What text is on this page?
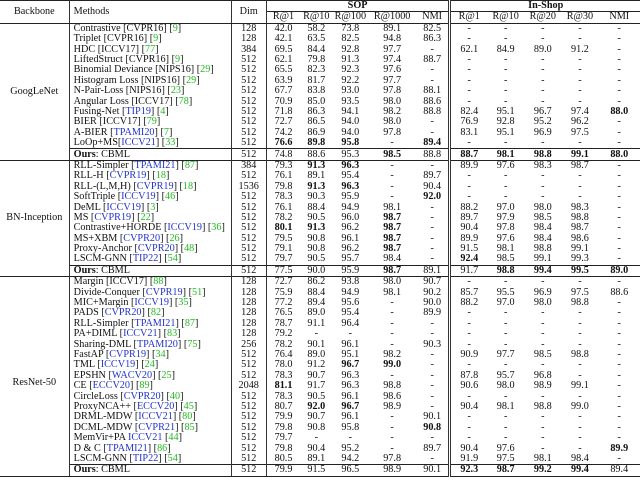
Backbone	Methods	Dim	SOP					In-Shop				
			R@1	R@10	R@100	R@1000	NMI	R@1	R@10	R@20	R@30	NMI
GoogLeNet	Contrastive [CVPR16] [9]	128	42.0	58.2	73.8	89.1	82.5	-	-	-	-	-
	Triplet [CVPR16] [9]	128	42.1	63.5	82.5	94.8	86.3	-	-	-	-	-
	HDC [ICCV17] [77]	384	69.5	84.4	92.8	97.7	-	62.1	84.9	89.0	91.2	-
	LiftedStruct [CVPR16] [9]	512	62.1	79.8	91.3	97.4	88.7	-	-	-	-	-
	Binomial Deviance [NIPS16] [29]	512	65.5	82.3	92.3	97.6	-	-	-	-	-	-
	Histogram Loss [NIPS16] [29]	512	63.9	81.7	92.2	97.7	-	-	-	-	-	-
	N-Pair-Loss [NIPS16] [23]	512	67.7	83.8	93.0	97.8	88.1	-	-	-	-	-
	Angular Loss [ICCV17] [78]	512	70.9	85.0	93.5	98.0	88.6	-	-	-	-	-
	Fusing-Net [TIP19] [4]	512	71.8	86.3	94.1	98.2	88.8	82.4	95.1	96.7	97.4	88.0
	BIER [ICCV17] [79]	512	72.7	86.5	94.0	98.0	-	76.9	92.8	95.2	96.2	-
	A-BIER [TPAMI20] [7]	512	74.2	86.9	94.0	97.8	-	83.1	95.1	96.9	97.5	-
	LoOp+MS[ICCV21] [33]	512	76.6	89.8	95.8	-	89.4	-	-	-	-	-
	Ours: CBML	512	74.8	88.6	95.3	98.5	88.8	88.7	98.1	98.8	99.1	88.0
BN-Inception	RLL-Simpler [TPAMI21] [87]	384	79.3	91.3	96.3	-	-	89.9	97.6	98.3	98.7	-
	RLL-H [CVPR19] [18]	512	76.1	89.1	95.4	-	89.7	-	-	-	-	-
	RLL-(L,M,H) [CVPR19] [18]	1536	79.8	91.3	96.3	-	90.4	-	-	-	-	-
	SoftTriple [ICCV19] [46]	512	78.3	90.3	95.9	-	92.0	-	-	-	-	-
	DeML [ICCV19] [3]	512	76.1	88.4	94.9	98.1	-	88.2	97.0	98.0	98.3	-
	MS [CVPR19] [22]	512	78.2	90.5	96.0	98.7	-	89.7	97.9	98.5	98.8	-
	Contrastive+HORDE [ICCV19] [36]	512	80.1	91.3	96.2	98.7	-	90.4	97.8	98.4	98.7	-
	MS+XBM [CVPR20] [26]	512	79.5	90.8	96.1	98.7	-	89.9	97.6	98.4	98.6	-
	Proxy-Anchor [CVPR20] [48]	512	79.1	90.8	96.2	98.7	-	91.5	98.1	98.8	99.1	-
	LSCM-GNN [TIP22] [54]	512	79.7	90.5	95.7	98.4	-	92.4	98.5	99.1	99.3	-
	Ours: CBML	512	77.5	90.0	95.9	98.7	89.1	91.7	98.8	99.4	99.5	89.0
ResNet-50	Margin [ICCV17] [88]	128	72.7	86.2	93.8	98.0	90.7	-	-	-	-	-
	Divide-Conquer [CVPR19] [51]	128	75.9	88.4	94.9	98.1	90.2	85.7	95.5	96.9	97.5	88.6
	MIC+Margin [ICCV19] [35]	128	77.2	89.4	95.6	-	90.0	88.2	97.0	98.0	98.8	-
	PADS [CVPR20] [82]	128	76.5	89.0	95.4	-	89.9	-	-	-	-	-
	RLL-Simpler [TPAMI21] [87]	128	78.7	91.1	96.4	-	-	-	-	-	-	-
	PA+DIML [ICCV21] [83]	128	79.2	-	-	-	-	-	-	-	-	-
	Sharing-DML [TPAMI20] [75]	256	78.2	90.1	96.1	-	90.3	-	-	-	-	-
	FastAP [CVPR19] [34]	512	76.4	89.0	95.1	98.2	-	90.9	97.7	98.5	98.8	-
	TML [ICCV19] [24]	512	78.0	91.2	96.7	99.0	-	-	-	-	-	-
	EPSHN [WACV20] [25]	512	78.3	90.7	96.3	-	-	87.8	95.7	96.8	-	-
	CE [ECCV20] [89]	2048	81.1	91.7	96.3	98.8	-	90.6	98.0	98.9	99.1	-
	CircleLoss [CVPR20] [40]	512	78.3	90.5	96.1	98.6	-	-	-	-	-	-
	ProxyNCA++ [ECCV20] [45]	512	80.7	92.0	96.7	98.9	-	90.4	98.1	98.8	99.0	-
	DRML-MDW [ICCV21] [80]	512	79.9	90.7	96.1	-	90.1	-	-	-	-	-
	DCML-MDW [CVPR21] [85]	512	79.8	90.8	95.8	-	90.8	-	-	-	-	-
	MemVir+PA ICCV21 [44]	512	79.7	-	-	-	-	-	-	-	-	-
	D & C [TPAMI21] [86]	512	79.8	90.4	95.2	-	89.7	90.4	97.6	-	-	89.9
	LSCM-GNN [TIP22] [54]	512	80.5	89.1	94.2	97.8	-	91.9	97.5	98.1	98.4	-
	Ours: CBML	512	79.9	91.5	96.5	98.9	90.1	92.3	98.7	99.2	99.4	89.4
